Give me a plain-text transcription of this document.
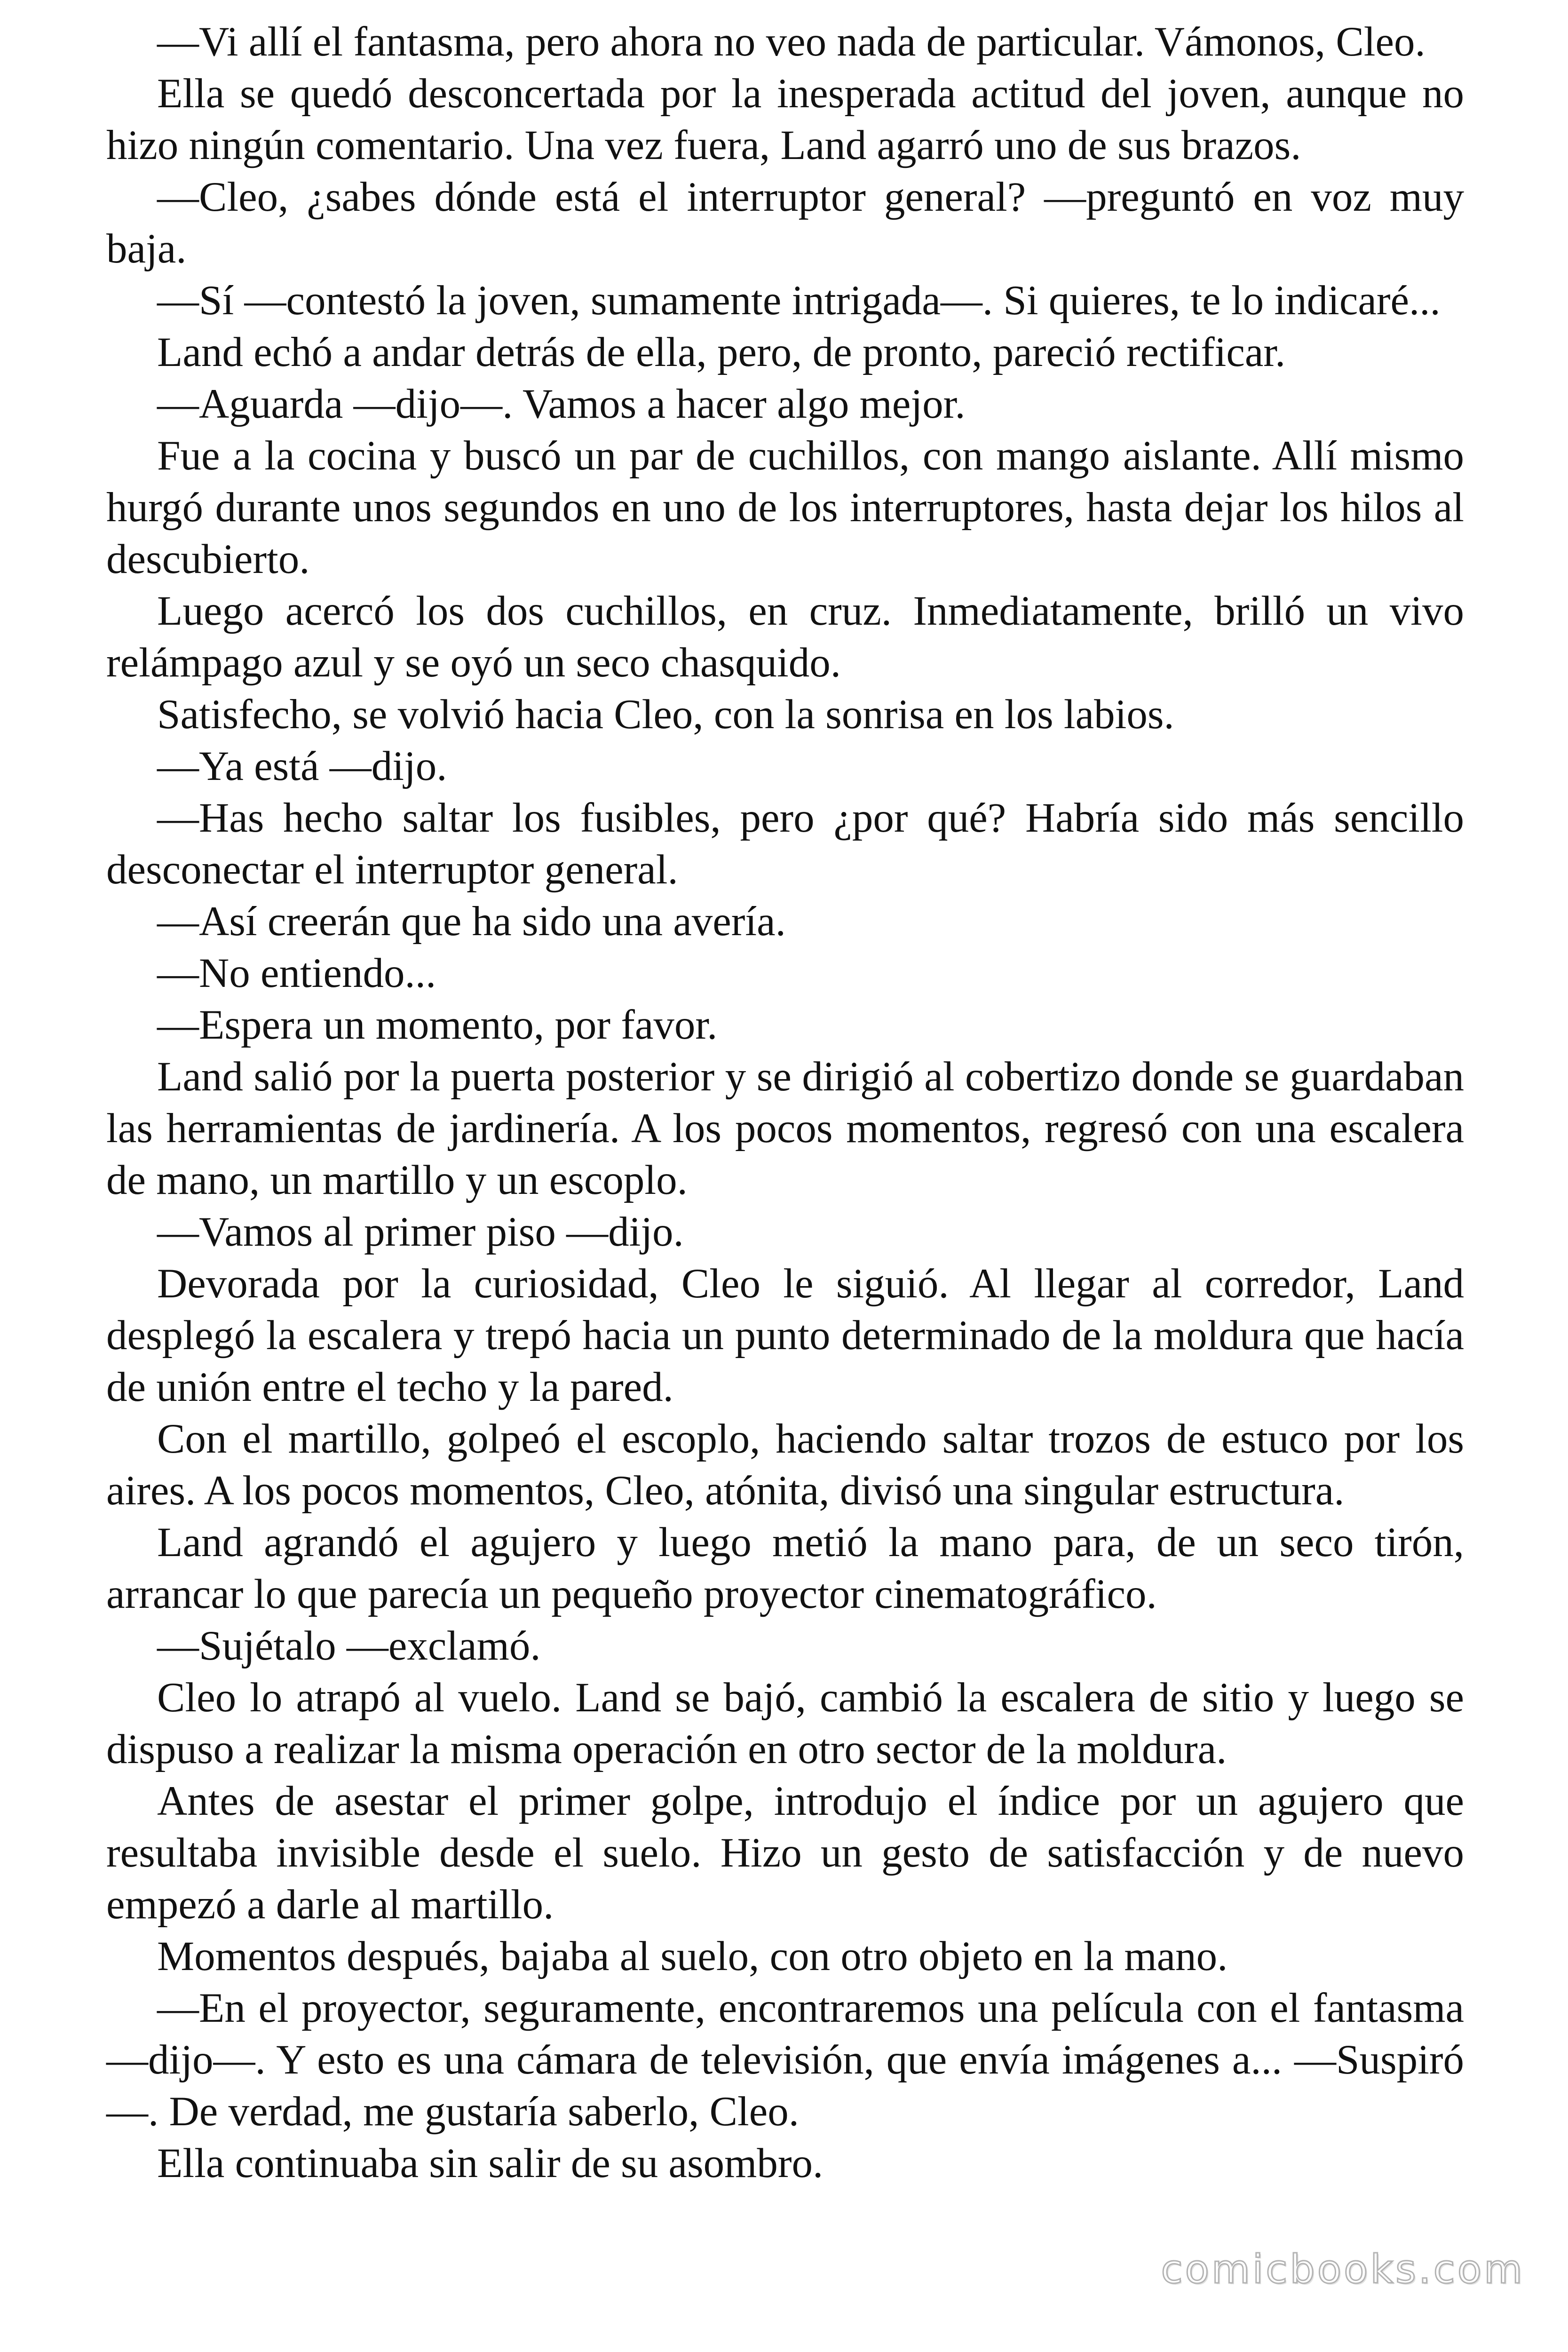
—Vi allí el fantasma, pero ahora no veo nada de particular. Vámonos, Cleo.

Ella se quedó desconcertada por la inesperada actitud del joven, aunque no hizo ningún comentario. Una vez fuera, Land agarró uno de sus brazos.

—Cleo, ¿sabes dónde está el interruptor general? —preguntó en voz muy baja.

—Sí —contestó la joven, sumamente intrigada—. Si quieres, te lo indicaré...

Land echó a andar detrás de ella, pero, de pronto, pareció rectificar.

—Aguarda —dijo—. Vamos a hacer algo mejor.

Fue a la cocina y buscó un par de cuchillos, con mango aislante. Allí mismo hurgó durante unos segundos en uno de los interruptores, hasta dejar los hilos al descubierto.

Luego acercó los dos cuchillos, en cruz. Inmediatamente, brilló un vivo relámpago azul y se oyó un seco chasquido.

Satisfecho, se volvió hacia Cleo, con la sonrisa en los labios.

—Ya está —dijo.

—Has hecho saltar los fusibles, pero ¿por qué? Habría sido más sencillo desconectar el interruptor general.

—Así creerán que ha sido una avería.

—No entiendo...

—Espera un momento, por favor.

Land salió por la puerta posterior y se dirigió al cobertizo donde se guardaban las herramientas de jardinería. A los pocos momentos, regresó con una escalera de mano, un martillo y un escoplo.

—Vamos al primer piso —dijo.

Devorada por la curiosidad, Cleo le siguió. Al llegar al corredor, Land desplegó la escalera y trepó hacia un punto determinado de la moldura que hacía de unión entre el techo y la pared.

Con el martillo, golpeó el escoplo, haciendo saltar trozos de estuco por los aires. A los pocos momentos, Cleo, atónita, divisó una singular estructura.

Land agrandó el agujero y luego metió la mano para, de un seco tirón, arrancar lo que parecía un pequeño proyector cinematográfico.

—Sujétalo —exclamó.

Cleo lo atrapó al vuelo. Land se bajó, cambió la escalera de sitio y luego se dispuso a realizar la misma operación en otro sector de la moldura.

Antes de asestar el primer golpe, introdujo el índice por un agujero que resultaba invisible desde el suelo. Hizo un gesto de satisfacción y de nuevo empezó a darle al martillo.

Momentos después, bajaba al suelo, con otro objeto en la mano.

—En el proyector, seguramente, encontraremos una película con el fantasma —dijo—. Y esto es una cámara de televisión, que envía imágenes a... —Suspiró—. De verdad, me gustaría saberlo, Cleo.

Ella continuaba sin salir de su asombro.

comicbooks.com
